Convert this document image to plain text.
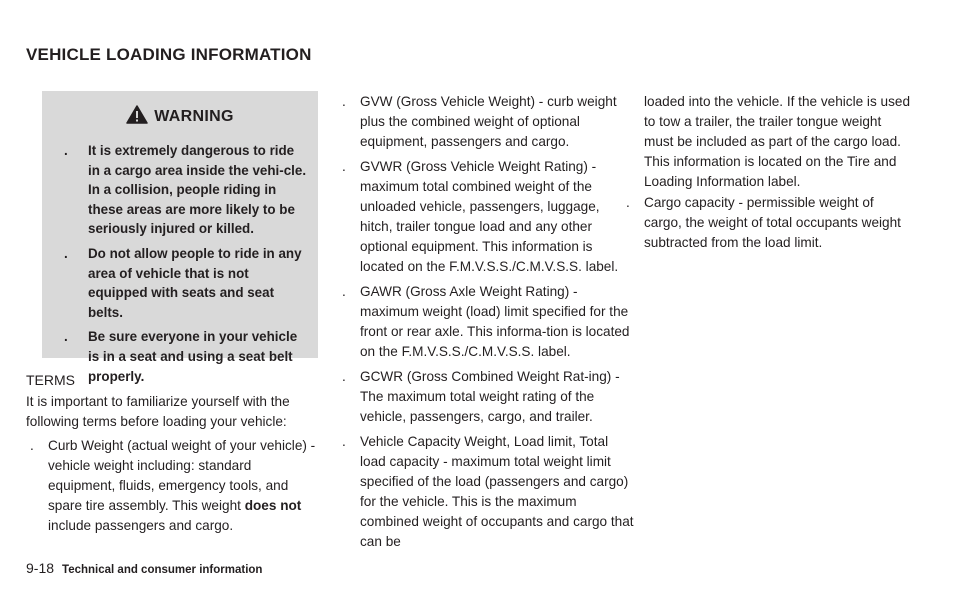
VEHICLE LOADING INFORMATION
WARNING
. It is extremely dangerous to ride in a cargo area inside the vehi-cle. In a collision, people riding in these areas are more likely to be seriously injured or killed.
. Do not allow people to ride in any area of vehicle that is not equipped with seats and seat belts.
. Be sure everyone in your vehicle is in a seat and using a seat belt properly.
TERMS
It is important to familiarize yourself with the following terms before loading your vehicle:
. Curb Weight (actual weight of your vehicle) - vehicle weight including: standard equipment, fluids, emergency tools, and spare tire assembly. This weight does not include passengers and cargo.
. GVW (Gross Vehicle Weight) - curb weight plus the combined weight of optional equipment, passengers and cargo.
. GVWR (Gross Vehicle Weight Rating) - maximum total combined weight of the unloaded vehicle, passengers, luggage, hitch, trailer tongue load and any other optional equipment. This information is located on the F.M.V.S.S./C.M.V.S.S. label.
. GAWR (Gross Axle Weight Rating) - maximum weight (load) limit specified for the front or rear axle. This informa-tion is located on the F.M.V.S.S./C.M.V.S.S. label.
. GCWR (Gross Combined Weight Rat-ing) - The maximum total weight rating of the vehicle, passengers, cargo, and trailer.
. Vehicle Capacity Weight, Load limit, Total load capacity - maximum total weight limit specified of the load (passengers and cargo) for the vehicle. This is the maximum combined weight of occupants and cargo that can be
loaded into the vehicle. If the vehicle is used to tow a trailer, the trailer tongue weight must be included as part of the cargo load. This information is located on the Tire and Loading Information label.
. Cargo capacity - permissible weight of cargo, the weight of total occupants weight subtracted from the load limit.
9-18 Technical and consumer information
